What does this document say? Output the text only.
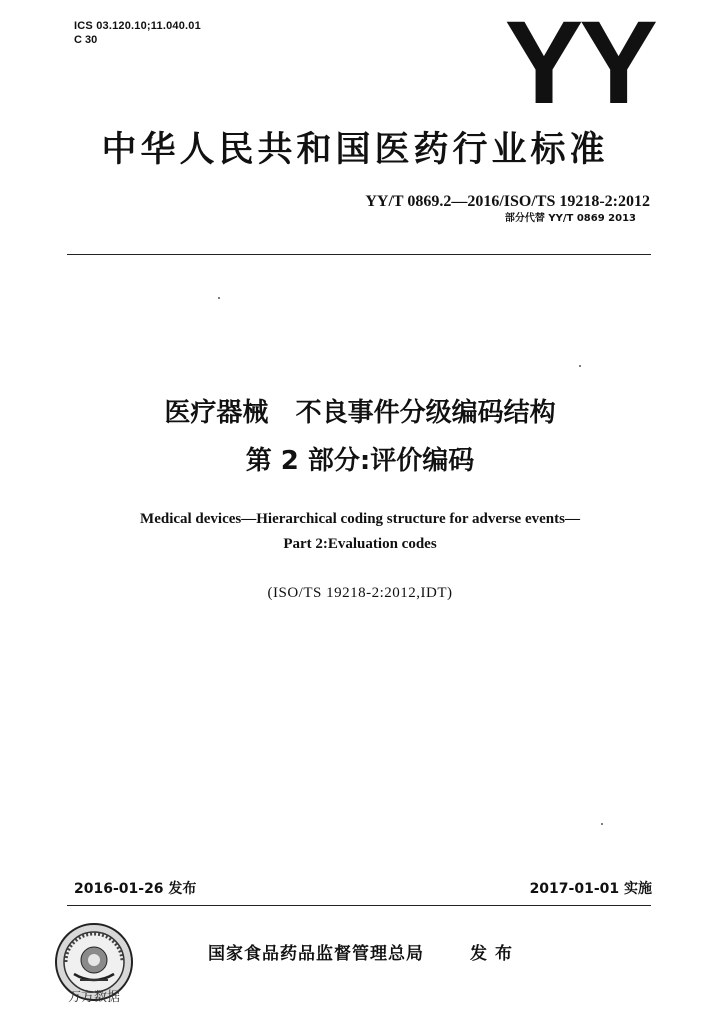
ICS 03.120.10;11.040.01
C 30	YY
中华人民共和国医药行业标准
YY/T 0869.2—2016/ISO/TS 19218-2:2012
部分代替 YY/T 0869 2013
医疗器械   不良事件分级编码结构
第 2 部分:评价编码
Medical devices—Hierarchical coding structure for adverse events—
Part 2:Evaluation codes
(ISO/TS 19218-2:2012,IDT)
2016-01-26 发布	2017-01-01 实施
国家食品药品监督管理总局	发布
万方数据
